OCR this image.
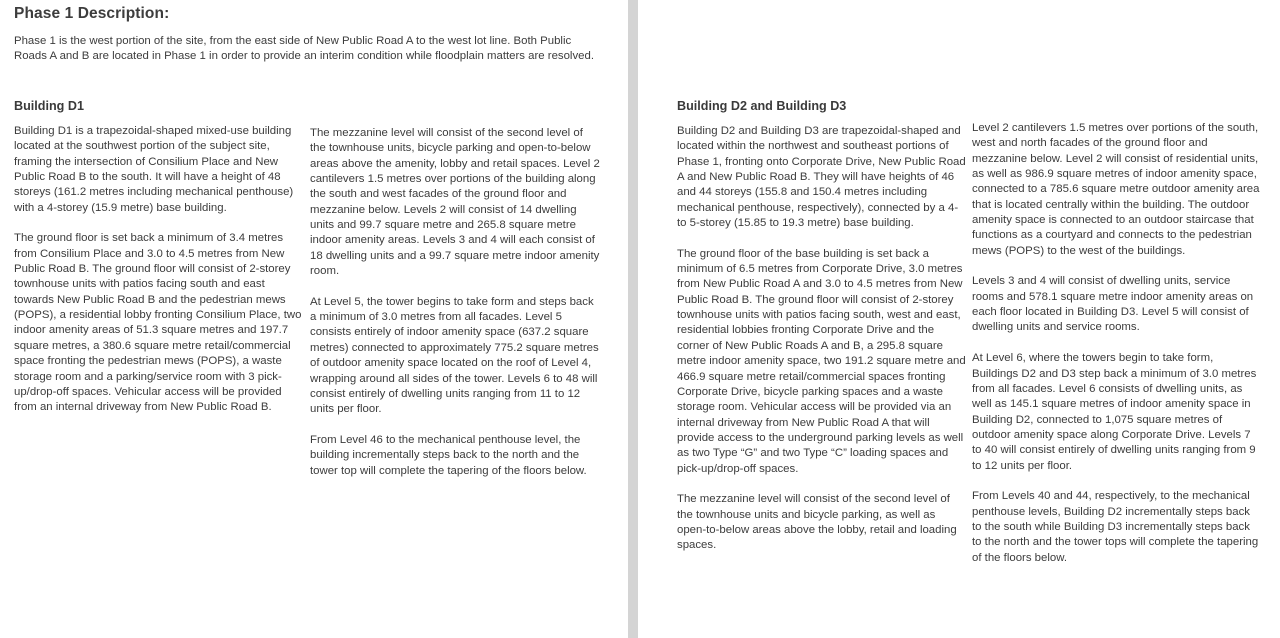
Phase 1 Description:

Phase 1 is the west portion of the site, from the east side of New Public Road A to the west lot line. Both Public Roads A and B are located in Phase 1 in order to provide an interim condition while floodplain matters are resolved.

Building D1

Building D1 is a trapezoidal-shaped mixed-use building located at the southwest portion of the subject site, framing the intersection of Consilium Place and New Public Road B to the south. It will have a height of 48 storeys (161.2 metres including mechanical penthouse) with a 4-storey (15.9 metre) base building.

The ground floor is set back a minimum of 3.4 metres from Consilium Place and 3.0 to 4.5 metres from New Public Road B. The ground floor will consist of 2-storey townhouse units with patios facing south and east towards New Public Road B and the pedestrian mews (POPS), a residential lobby fronting Consilium Place, two indoor amenity areas of 51.3 square metres and 197.7 square metres, a 380.6 square metre retail/commercial space fronting the pedestrian mews (POPS), a waste storage room and a parking/service room with 3 pick-up/drop-off spaces. Vehicular access will be provided from an internal driveway from New Public Road B.

The mezzanine level will consist of the second level of the townhouse units, bicycle parking and open-to-below areas above the amenity, lobby and retail spaces. Level 2 cantilevers 1.5 metres over portions of the building along the south and west facades of the ground floor and mezzanine below. Levels 2 will consist of 14 dwelling units and 99.7 square metre and 265.8 square metre indoor amenity areas. Levels 3 and 4 will each consist of 18 dwelling units and a 99.7 square metre indoor amenity room.

At Level 5, the tower begins to take form and steps back a minimum of 3.0 metres from all facades. Level 5 consists entirely of indoor amenity space (637.2 square metres) connected to approximately 775.2 square metres of outdoor amenity space located on the roof of Level 4, wrapping around all sides of the tower. Levels 6 to 48 will consist entirely of dwelling units ranging from 11 to 12 units per floor.

From Level 46 to the mechanical penthouse level, the building incrementally steps back to the north and the tower top will complete the tapering of the floors below.

Building D2 and Building D3

Building D2 and Building D3 are trapezoidal-shaped and located within the northwest and southeast portions of Phase 1, fronting onto Corporate Drive, New Public Road A and New Public Road B. They will have heights of 46 and 44 storeys (155.8 and 150.4 metres including mechanical penthouse, respectively), connected by a 4- to 5-storey (15.85 to 19.3 metre) base building.

The ground floor of the base building is set back a minimum of 6.5 metres from Corporate Drive, 3.0 metres from New Public Road A and 3.0 to 4.5 metres from New Public Road B. The ground floor will consist of 2-storey townhouse units with patios facing south, west and east, residential lobbies fronting Corporate Drive and the corner of New Public Roads A and B, a 295.8 square metre indoor amenity space, two 191.2 square metre and 466.9 square metre retail/commercial spaces fronting Corporate Drive, bicycle parking spaces and a waste storage room. Vehicular access will be provided via an internal driveway from New Public Road A that will provide access to the underground parking levels as well as two Type “G” and two Type “C” loading spaces and pick-up/drop-off spaces.

The mezzanine level will consist of the second level of the townhouse units and bicycle parking, as well as open-to-below areas above the lobby, retail and loading spaces.

Level 2 cantilevers 1.5 metres over portions of the south, west and north facades of the ground floor and mezzanine below. Level 2 will consist of residential units, as well as 986.9 square metres of indoor amenity space, connected to a 785.6 square metre outdoor amenity area that is located centrally within the building. The outdoor amenity space is connected to an outdoor staircase that functions as a courtyard and connects to the pedestrian mews (POPS) to the west of the buildings.

Levels 3 and 4 will consist of dwelling units, service rooms and 578.1 square metre indoor amenity areas on each floor located in Building D3. Level 5 will consist of dwelling units and service rooms.

At Level 6, where the towers begin to take form, Buildings D2 and D3 step back a minimum of 3.0 metres from all facades. Level 6 consists of dwelling units, as well as 145.1 square metres of indoor amenity space in Building D2, connected to 1,075 square metres of outdoor amenity space along Corporate Drive. Levels 7 to 40 will consist entirely of dwelling units ranging from 9 to 12 units per floor.

From Levels 40 and 44, respectively, to the mechanical penthouse levels, Building D2 incrementally steps back to the south while Building D3 incrementally steps back to the north and the tower tops will complete the tapering of the floors below.
